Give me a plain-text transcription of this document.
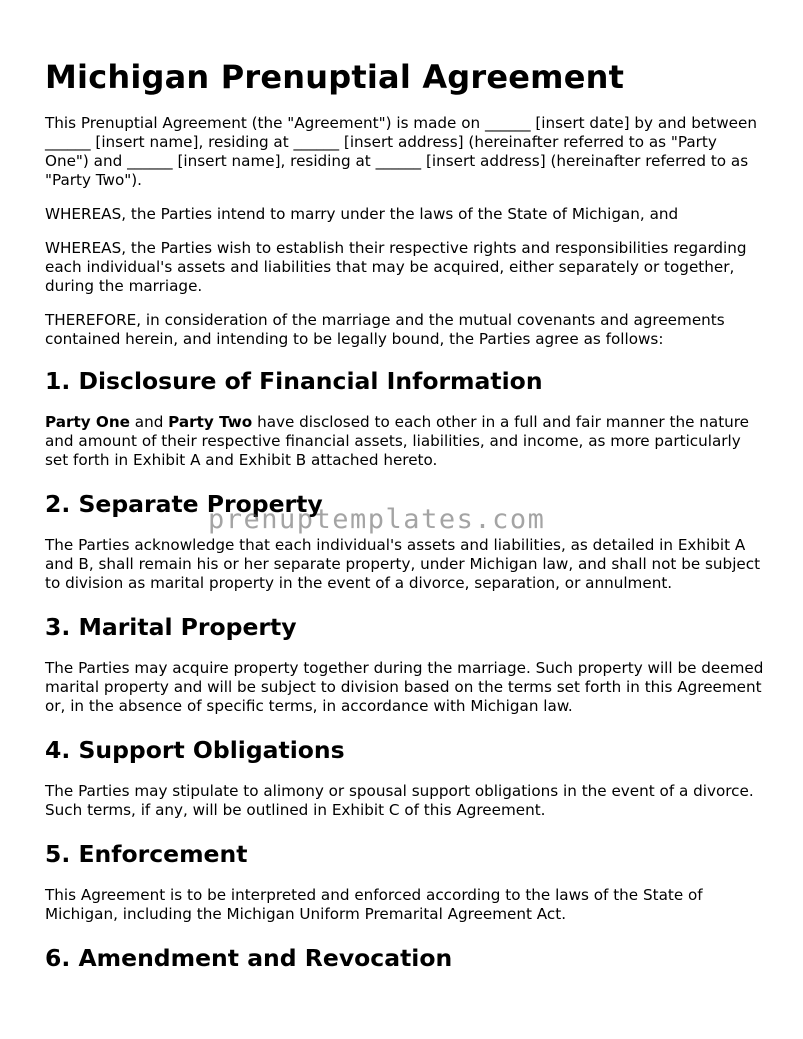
Michigan Prenuptial Agreement

This Prenuptial Agreement (the "Agreement") is made on ______ [insert date] by and between ______ [insert name], residing at ______ [insert address] (hereinafter referred to as "Party One") and ______ [insert name], residing at ______ [insert address] (hereinafter referred to as "Party Two").

WHEREAS, the Parties intend to marry under the laws of the State of Michigan, and

WHEREAS, the Parties wish to establish their respective rights and responsibilities regarding each individual's assets and liabilities that may be acquired, either separately or together, during the marriage.

THEREFORE, in consideration of the marriage and the mutual covenants and agreements contained herein, and intending to be legally bound, the Parties agree as follows:

1. Disclosure of Financial Information

Party One and Party Two have disclosed to each other in a full and fair manner the nature and amount of their respective financial assets, liabilities, and income, as more particularly set forth in Exhibit A and Exhibit B attached hereto.

2. Separate Property

The Parties acknowledge that each individual's assets and liabilities, as detailed in Exhibit A and B, shall remain his or her separate property, under Michigan law, and shall not be subject to division as marital property in the event of a divorce, separation, or annulment.

3. Marital Property

The Parties may acquire property together during the marriage. Such property will be deemed marital property and will be subject to division based on the terms set forth in this Agreement or, in the absence of specific terms, in accordance with Michigan law.

4. Support Obligations

The Parties may stipulate to alimony or spousal support obligations in the event of a divorce. Such terms, if any, will be outlined in Exhibit C of this Agreement.

5. Enforcement

This Agreement is to be interpreted and enforced according to the laws of the State of Michigan, including the Michigan Uniform Premarital Agreement Act.

6. Amendment and Revocation
prenuptemplates.com
